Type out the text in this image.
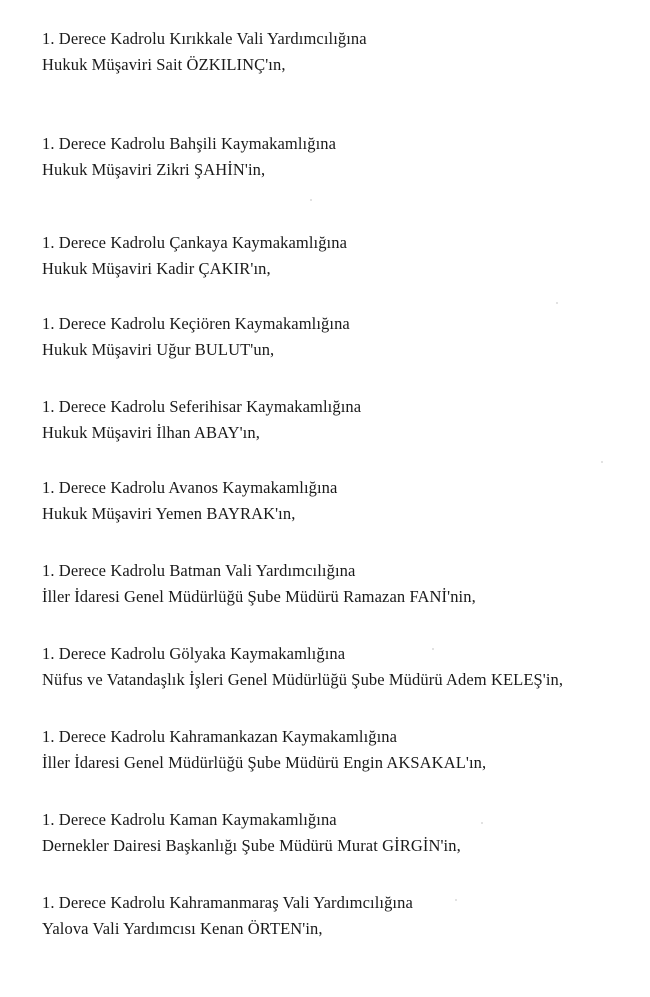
1. Derece Kadrolu Kırıkkale Vali Yardımcılığına
Hukuk Müşaviri Sait ÖZKILINÇ'ın,
1. Derece Kadrolu Bahşili Kaymakamlığına
Hukuk Müşaviri Zikri ŞAHİN'in,
1. Derece Kadrolu Çankaya Kaymakamlığına
Hukuk Müşaviri Kadir ÇAKIR'ın,
1. Derece Kadrolu Keçiören Kaymakamlığına
Hukuk Müşaviri Uğur BULUT'un,
1. Derece Kadrolu Seferihisar Kaymakamlığına
Hukuk Müşaviri İlhan ABAY'ın,
1. Derece Kadrolu Avanos Kaymakamlığına
Hukuk Müşaviri Yemen BAYRAK'ın,
1. Derece Kadrolu Batman Vali Yardımcılığına
İller İdaresi Genel Müdürlüğü Şube Müdürü Ramazan FANİ'nin,
1. Derece Kadrolu Gölyaka Kaymakamlığına
Nüfus ve Vatandaşlık İşleri Genel Müdürlüğü Şube Müdürü Adem KELEŞ'in,
1. Derece Kadrolu Kahramankazan Kaymakamlığına
İller İdaresi Genel Müdürlüğü Şube Müdürü Engin AKSAKAL'ın,
1. Derece Kadrolu Kaman Kaymakamlığına
Dernekler Dairesi Başkanlığı Şube Müdürü Murat GİRGİN'in,
1. Derece Kadrolu Kahramanmaraş Vali Yardımcılığına
Yalova Vali Yardımcısı Kenan ÖRTEN'in,
